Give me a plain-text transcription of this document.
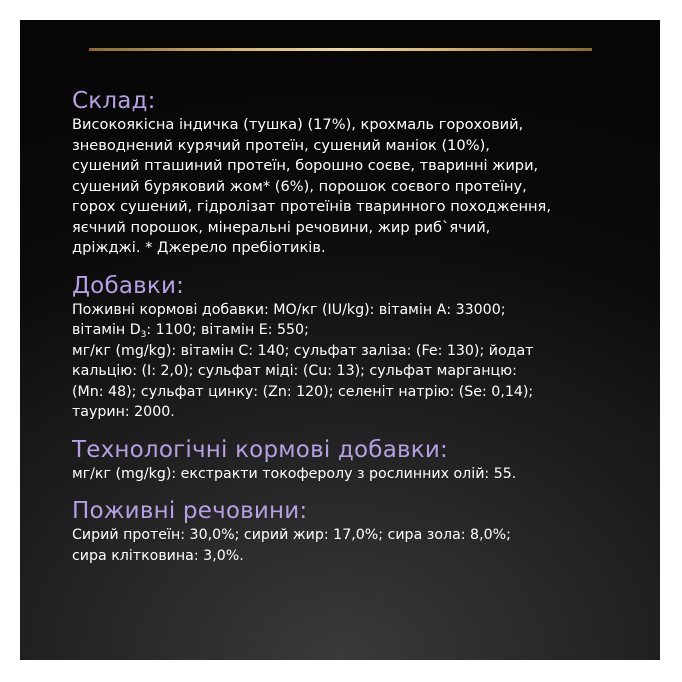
Склад:

Високоякісна індичка (тушка) (17%), крохмаль гороховий,
зневоднений курячий протеїн, сушений маніок (10%),
сушений пташиний протеїн, борошно соєве, тваринні жири,
сушений буряковий жом* (6%), порошок соєвого протеїну,
горох сушений, гідролізат протеїнів тваринного походження,
яєчний порошок, мінеральні речовини, жир риб`ячий,
дріжджі. * Джерело пребіотиків.

Добавки:

Поживні кормові добавки: МО/кг (IU/kg): вітамін А: 33000;
вітамін $D_3$: 1100; вітамін Е: 550;
мг/кг (mg/kg): вітамін С: 140; сульфат заліза: (Fe: 130); йодат
кальцію: (I: 2,0); сульфат міді: (Cu: 13); сульфат марганцю:
(Mn: 48); сульфат цинку: (Zn: 120); селеніт натрію: (Se: 0,14);
таурин: 2000.

Технологічні кормові добавки:

мг/кг (mg/kg): екстракти токоферолу з рослинних олій: 55.

Поживні речовини:

Сирий протеїн: 30,0%; сирий жир: 17,0%; сира зола: 8,0%;
сира клітковина: 3,0%.
